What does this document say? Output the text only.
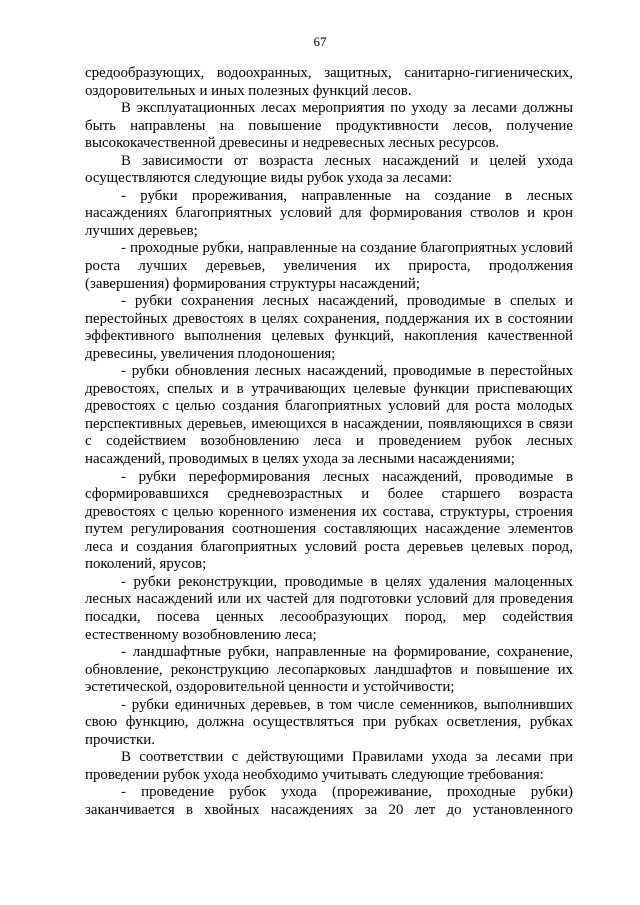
67

средообразующих, водоохранных, защитных, санитарно-гигиенических, оздоровительных и иных полезных функций лесов.

В эксплуатационных лесах мероприятия по уходу за лесами должны быть направлены на повышение продуктивности лесов, получение высококачественной древесины и недревесных лесных ресурсов.

В зависимости от возраста лесных насаждений и целей ухода осуществляются следующие виды рубок ухода за лесами:

- рубки прореживания, направленные на создание в лесных насаждениях благоприятных условий для формирования стволов и крон лучших деревьев;

- проходные рубки, направленные на создание благоприятных условий роста лучших деревьев, увеличения их прироста, продолжения (завершения) формирования структуры насаждений;

- рубки сохранения лесных насаждений, проводимые в спелых и перестойных древостоях в целях сохранения, поддержания их в состоянии эффективного выполнения целевых функций, накопления качественной древесины, увеличения плодоношения;

- рубки обновления лесных насаждений, проводимые в перестойных древостоях, спелых и в утрачивающих целевые функции приспевающих древостоях с целью создания благоприятных условий для роста молодых перспективных деревьев, имеющихся в насаждении, появляющихся в связи с содействием возобновлению леса и проведением рубок лесных насаждений, проводимых в целях ухода за лесными насаждениями;

- рубки переформирования лесных насаждений, проводимые в сформировавшихся средневозрастных и более старшего возраста древостоях с целью коренного изменения их состава, структуры, строения путем регулирования соотношения составляющих насаждение элементов леса и создания благоприятных условий роста деревьев целевых пород, поколений, ярусов;

- рубки реконструкции, проводимые в целях удаления малоценных лесных насаждений или их частей для подготовки условий для проведения посадки, посева ценных лесообразующих пород, мер содействия естественному возобновлению леса;

- ландшафтные рубки, направленные на формирование, сохранение, обновление, реконструкцию лесопарковых ландшафтов и повышение их эстетической, оздоровительной ценности и устойчивости;

- рубки единичных деревьев, в том числе семенников, выполнивших свою функцию, должна осуществляться при рубках осветления, рубках прочистки.

В соответствии с действующими Правилами ухода за лесами при проведении рубок ухода необходимо учитывать следующие требования:

- проведение рубок ухода (прореживание, проходные рубки) заканчивается в хвойных насаждениях за 20 лет до установленного
